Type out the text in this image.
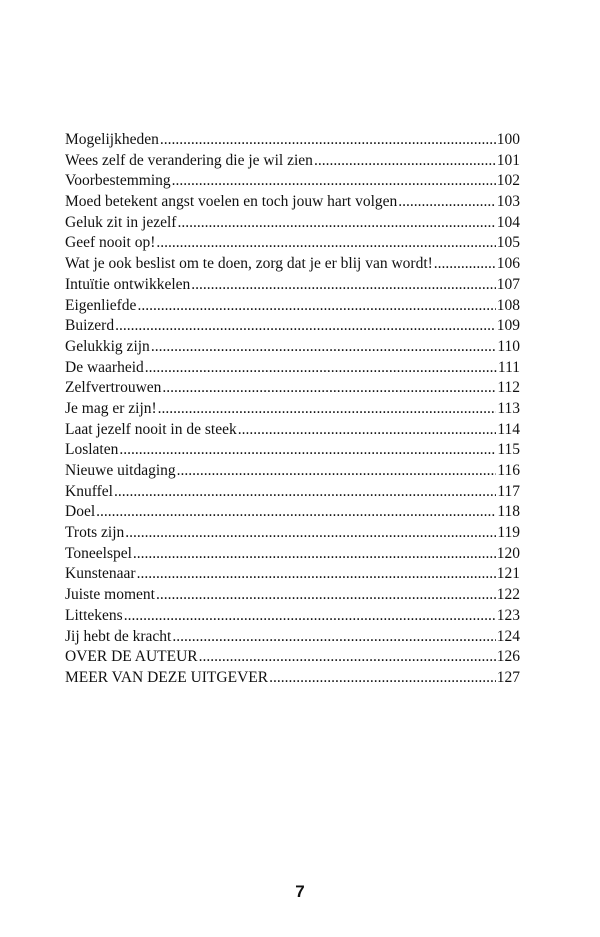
Mogelijkheden .....	100
Wees zelf de verandering die je wil zien .....	101
Voorbestemming .....	102
Moed betekent angst voelen en toch jouw hart volgen .....	103
Geluk zit in jezelf .....	104
Geef nooit op! .....	105
Wat je ook beslist om te doen, zorg dat je er blij van wordt! .....	106
Intuïtie ontwikkelen .....	107
Eigenliefde .....	108
Buizerd .....	109
Gelukkig zijn .....	110
De waarheid .....	111
Zelfvertrouwen .....	112
Je mag er zijn! .....	113
Laat jezelf nooit in de steek .....	114
Loslaten .....	115
Nieuwe uitdaging .....	116
Knuffel .....	117
Doel .....	118
Trots zijn .....	119
Toneelspel .....	120
Kunstenaar .....	121
Juiste moment .....	122
Littekens .....	123
Jij hebt de kracht .....	124
OVER DE AUTEUR .....	126
MEER VAN DEZE UITGEVER .....	127
7
